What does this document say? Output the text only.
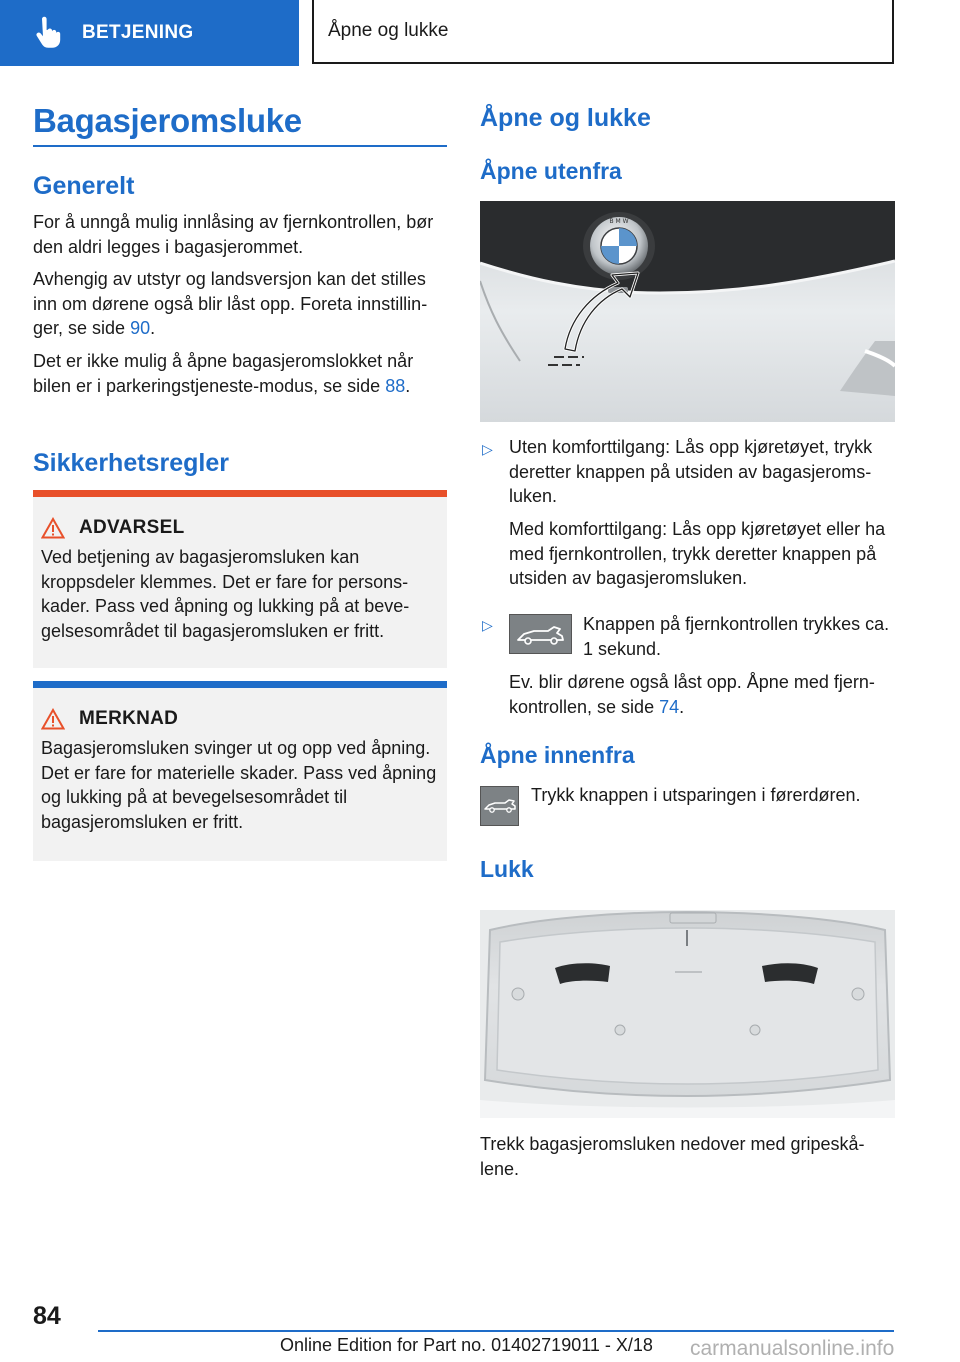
BETJENING	Åpne og lukke
Bagasjeromsluke
Generelt

For å unngå mulig innlåsing av fjernkontrollen, bør den aldri legges i bagasjerommet.

Avhengig av utstyr og landsversjon kan det stilles inn om dørene også blir låst opp. Foreta innstillinger, se side 90.

Det er ikke mulig å åpne bagasjeromslokket når bilen er i parkeringstjeneste-modus, se side 88.

Sikkerhetsregler
ADVARSEL
Ved betjening av bagasjeromsluken kan kroppsdeler klemmes. Det er fare for personskader. Pass ved åpning og lukking på at bevegelsesområdet til bagasjeromsluken er fritt.
MERKNAD
Bagasjeromsluken svinger ut og opp ved åpning. Det er fare for materielle skader. Pass ved åpning og lukking på at bevegelsesområdet til bagasjeromsluken er fritt.
Åpne og lukke
Åpne utenfra
B M W
▷ Uten komforttilgang: Lås opp kjøretøyet, trykk deretter knappen på utsiden av bagasjeromsluken.

Med komforttilgang: Lås opp kjøretøyet eller ha med fjernkontrollen, trykk deretter knappen på utsiden av bagasjeromsluken.

▷	Knappen på fjernkontrollen trykkes ca. 1 sekund.

Ev. blir dørene også låst opp. Åpne med fjernkontrollen, se side 74.

Åpne innenfra

Trykk knappen i utsparingen i førerdøren.

Lukk

Trekk bagasjeromsluken nedover med gripeskålene.

84
Online Edition for Part no. 01402719011 - X/18 carmanualsonline.info
